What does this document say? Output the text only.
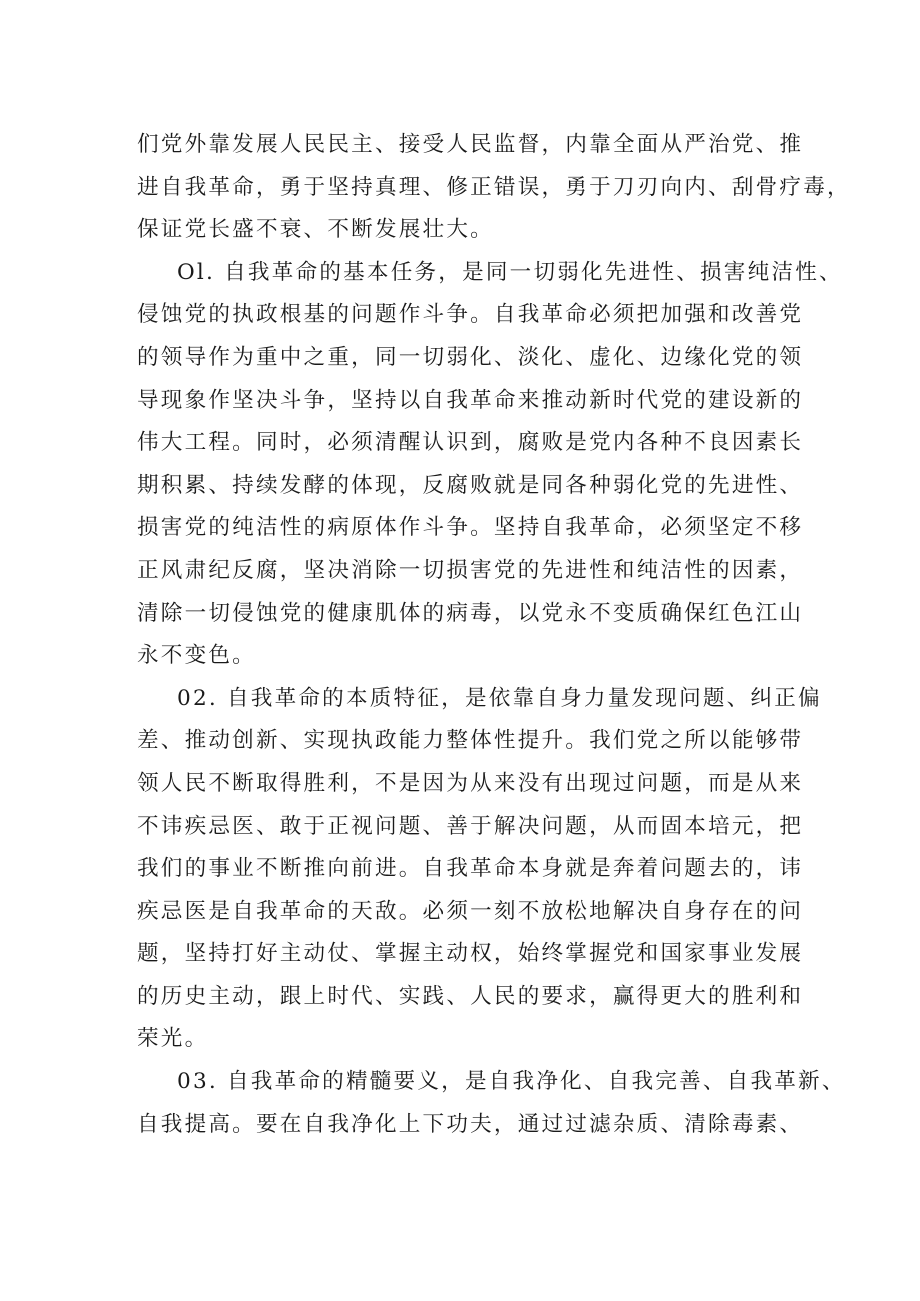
们党外靠发展人民民主、接受人民监督，内靠全面从严治党、推
进自我革命，勇于坚持真理、修正错误，勇于刀刃向内、刮骨疗毒，
保证党长盛不衰、不断发展壮大。
Ol. 自我革命的基本任务，是同一切弱化先进性、损害纯洁性、
侵蚀党的执政根基的问题作斗争。自我革命必须把加强和改善党
的领导作为重中之重，同一切弱化、淡化、虚化、边缘化党的领
导现象作坚决斗争，坚持以自我革命来推动新时代党的建设新的
伟大工程。同时，必须清醒认识到，腐败是党内各种不良因素长
期积累、持续发酵的体现，反腐败就是同各种弱化党的先进性、
损害党的纯洁性的病原体作斗争。坚持自我革命，必须坚定不移
正风肃纪反腐，坚决消除一切损害党的先进性和纯洁性的因素，
清除一切侵蚀党的健康肌体的病毒，以党永不变质确保红色江山
永不变色。
02. 自我革命的本质特征，是依靠自身力量发现问题、纠正偏
差、推动创新、实现执政能力整体性提升。我们党之所以能够带
领人民不断取得胜利，不是因为从来没有出现过问题，而是从来
不讳疾忌医、敢于正视问题、善于解决问题，从而固本培元，把
我们的事业不断推向前进。自我革命本身就是奔着问题去的，讳
疾忌医是自我革命的天敌。必须一刻不放松地解决自身存在的问
题，坚持打好主动仗、掌握主动权，始终掌握党和国家事业发展
的历史主动，跟上时代、实践、人民的要求，赢得更大的胜利和
荣光。
03. 自我革命的精髓要义，是自我净化、自我完善、自我革新、
自我提高。要在自我净化上下功夫，通过过滤杂质、清除毒素、
